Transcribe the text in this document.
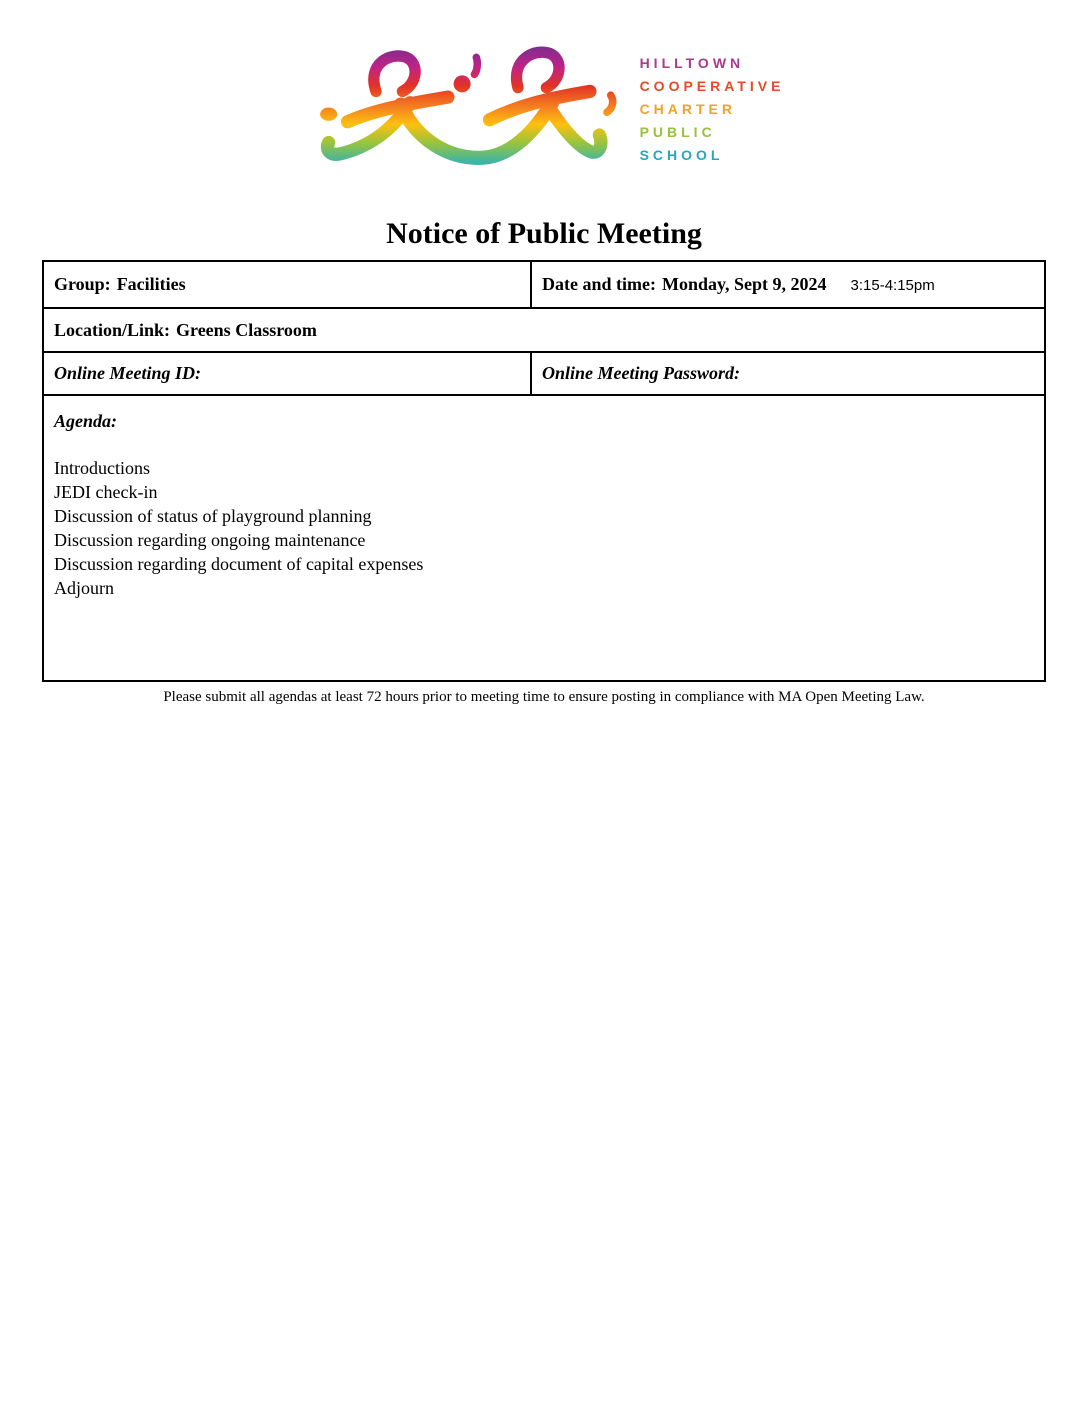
HILLTOWN
COOPERATIVE
CHARTER
PUBLIC
SCHOOL
Notice of Public Meeting
Group: Facilities	Date and time: Monday, Sept 9, 2024 3:15-4:15pm
Location/Link: Greens Classroom
Online Meeting ID:	Online Meeting Password:
Agenda:
Introductions
JEDI check-in
Discussion of status of playground planning
Discussion regarding ongoing maintenance
Discussion regarding document of capital expenses
Adjourn
Please submit all agendas at least 72 hours prior to meeting time to ensure posting in compliance with MA Open Meeting Law.
